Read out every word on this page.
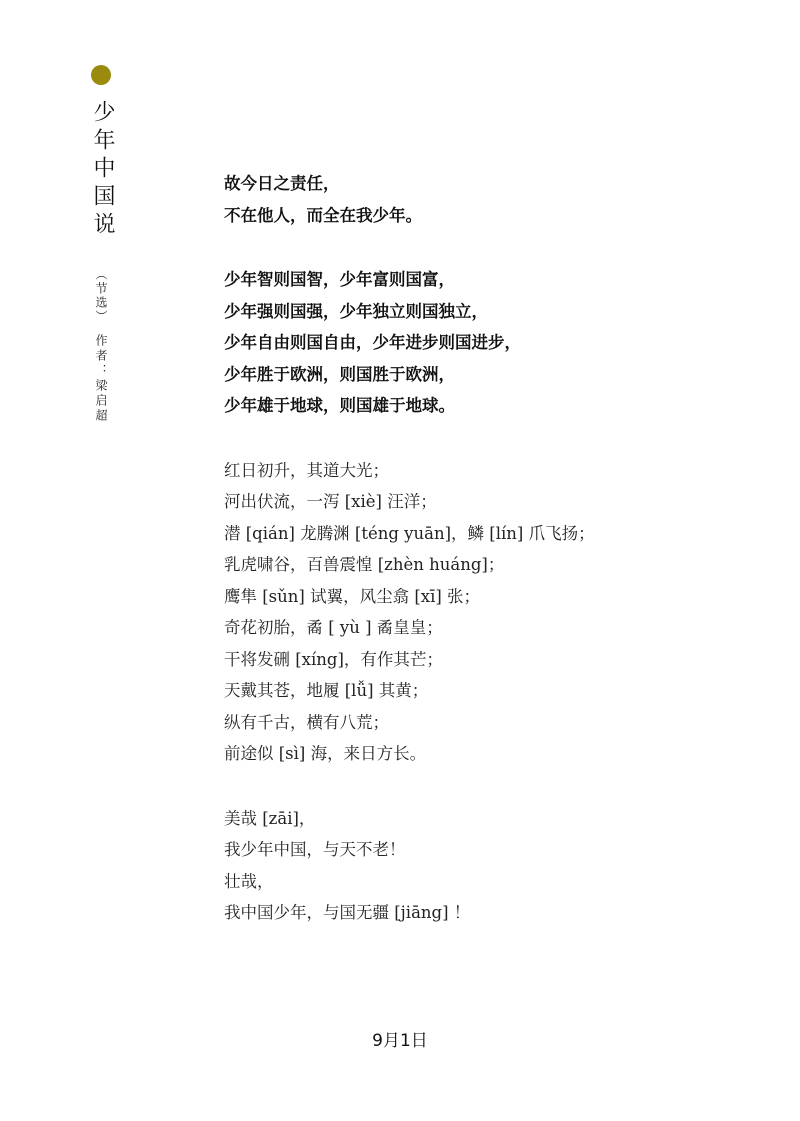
少年中国说
（节选）
作者：梁启超
故今日之责任，
不在他人，而全在我少年。
少年智则国智，少年富则国富，
少年强则国强，少年独立则国独立，
少年自由则国自由，少年进步则国进步，
少年胜于欧洲，则国胜于欧洲，
少年雄于地球，则国雄于地球。
红日初升，其道大光；
河出伏流，一泻 [xiè] 汪洋；
潜 [qián] 龙腾渊 [téng yuān]，鳞 [lín] 爪飞扬；
乳虎啸谷，百兽震惶 [zhèn huáng]；
鹰隼 [sǔn] 试翼，风尘翕 [xī] 张；
奇花初胎，矞 [ yù ] 矞皇皇；
干将发硎 [xíng]，有作其芒；
天戴其苍，地履 [lǚ] 其黄；
纵有千古，横有八荒；
前途似 [sì] 海，来日方长。
美哉 [zāi]，
我少年中国，与天不老！
壮哉，
我中国少年，与国无疆 [jiāng] ！
9月1日
